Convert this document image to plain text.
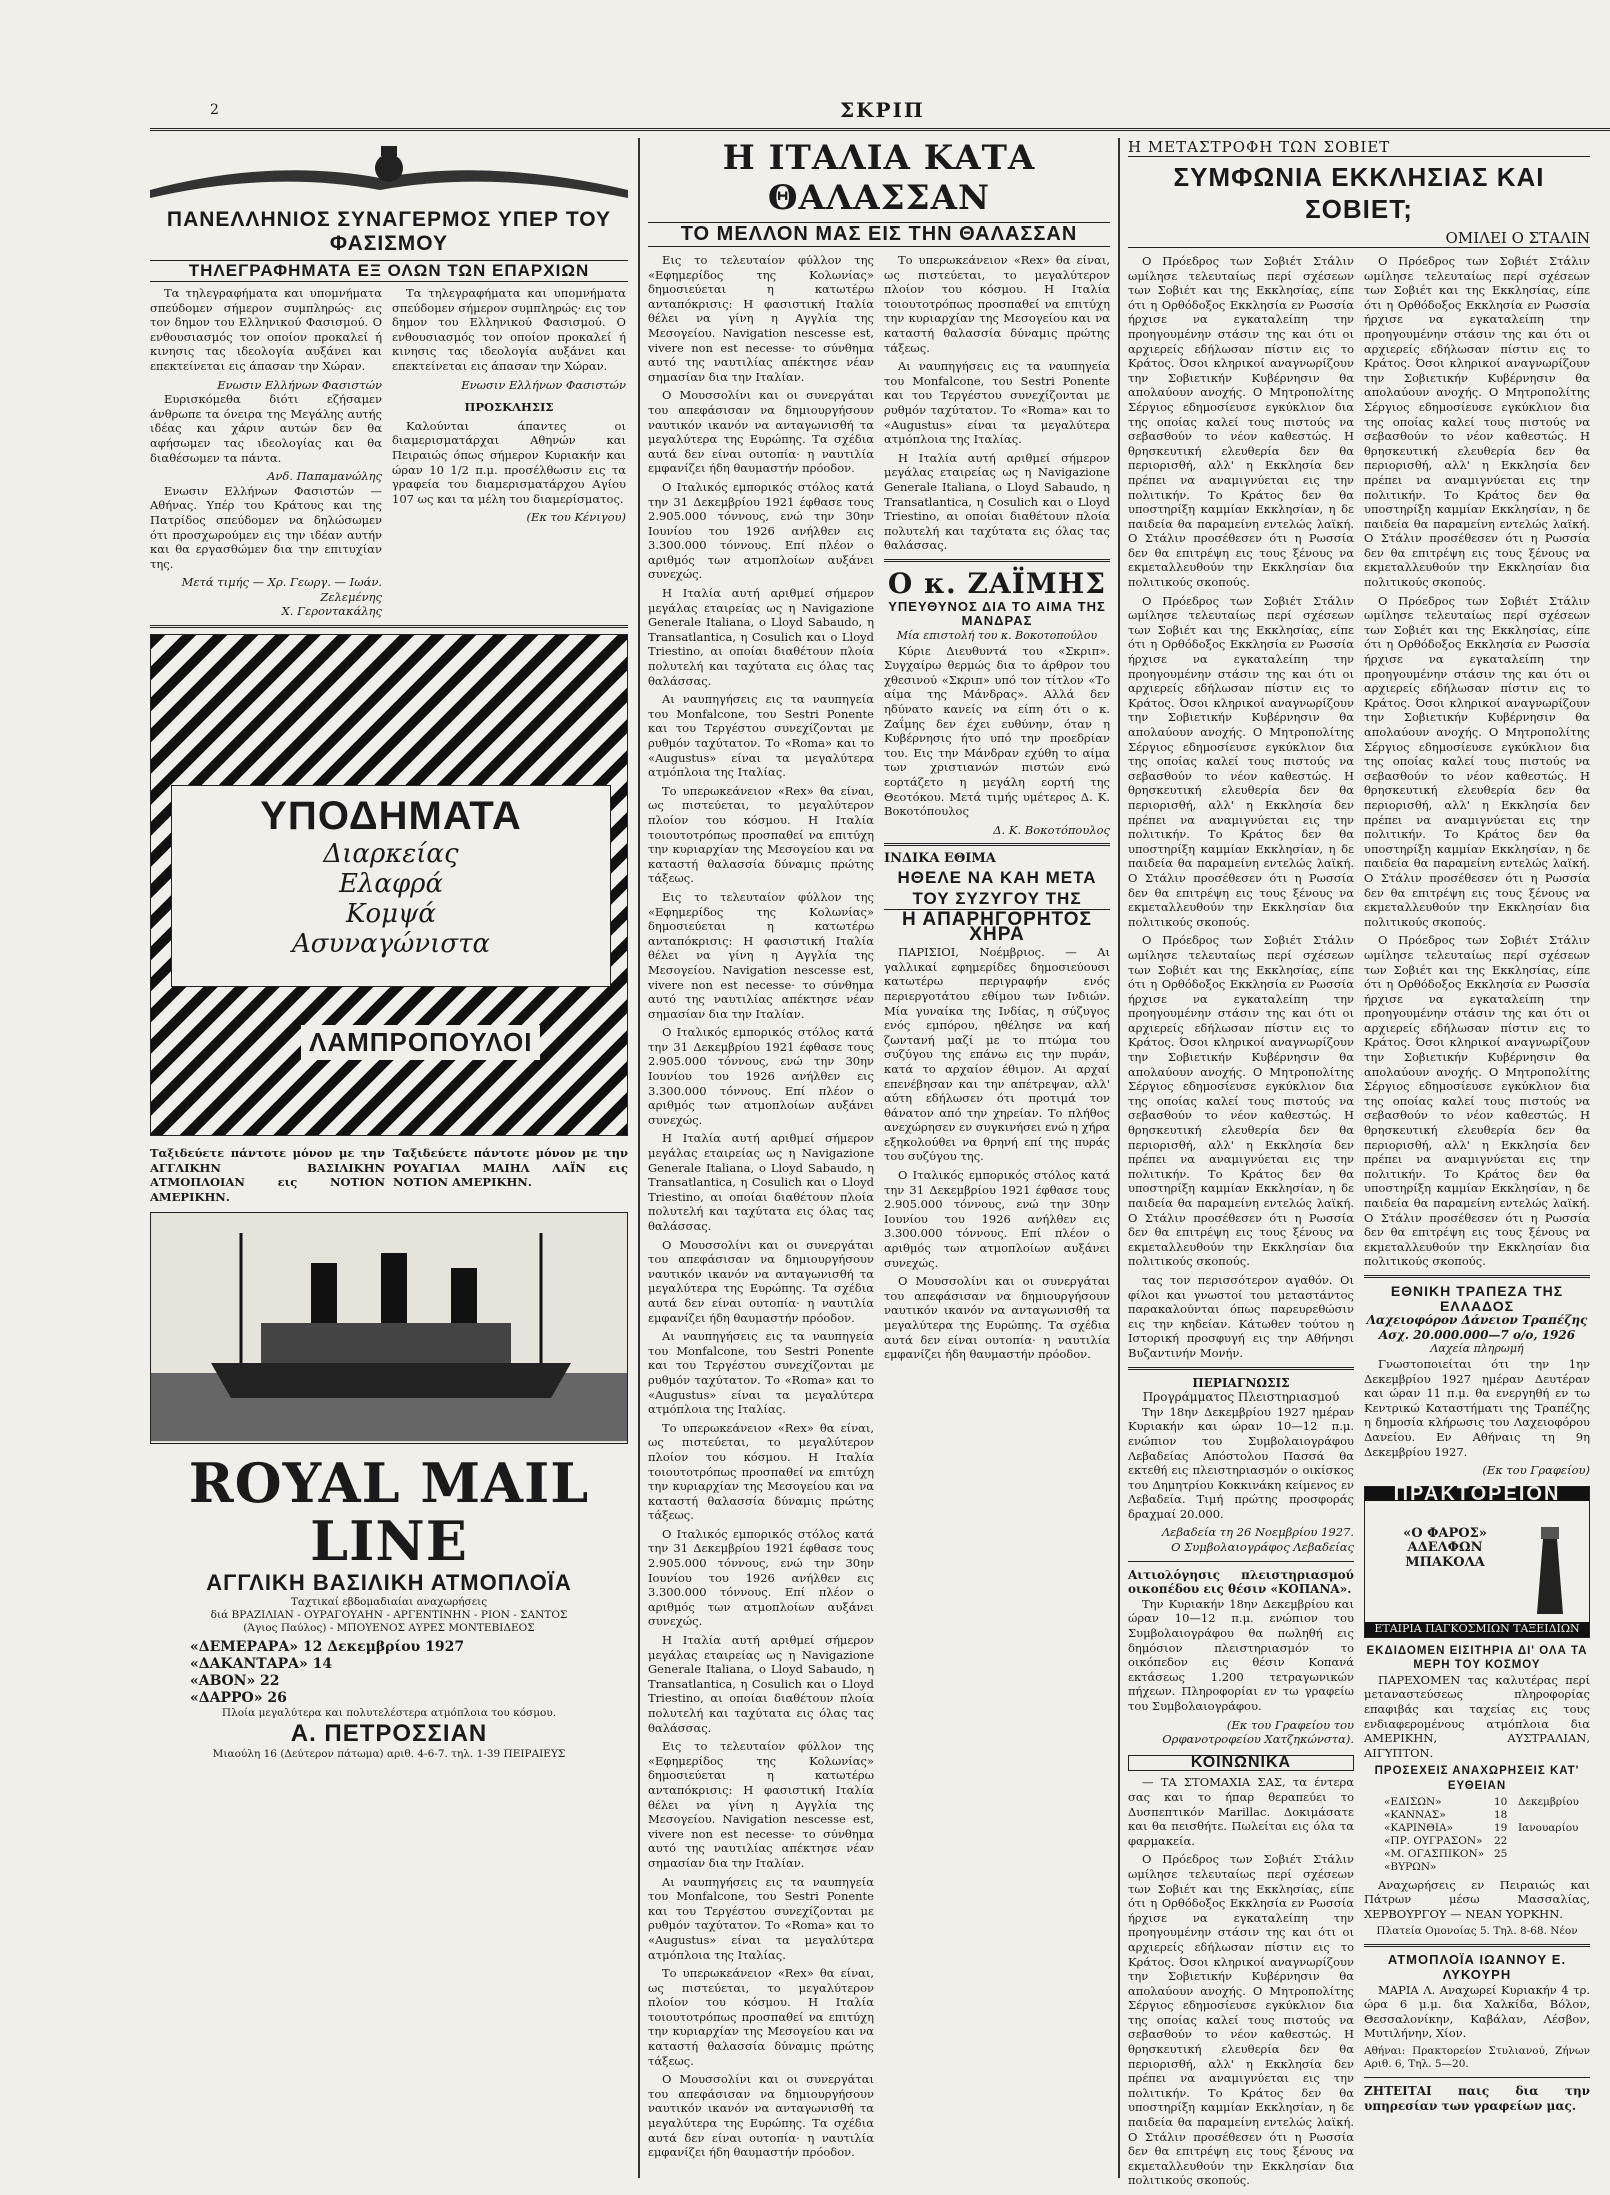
2	ΣΚΡΙΠ
ΠΑΝΕΛΛΗΝΙΟΣ ΣΥΝΑΓΕΡΜΟΣ ΥΠΕΡ ΤΟΥ ΦΑΣΙΣΜΟΥ
ΤΗΛΕΓΡΑΦΗΜΑΤΑ ΕΞ ΟΛΩΝ ΤΩΝ ΕΠΑΡΧΙΩΝ

Τα τηλεγραφήματα και υπομνήματα σπεύδομεν σήμερον συμπληρώς· εις τον δημον του Ελληνικού Φασισμού. Ο ενθουσιασμός τον οποίον προκαλεί ή κινησις τας ιδεολογία αυξάνει και επεκτείνεται εις άπασαν την Χώραν.

Ενωσιν Ελλήνων Φασιστών

Ευρισκόμεθα διότι εζήσαμεν άνθρωπε τα όνειρα της Μεγάλης αυτής ιδέας και χάριν αυτών δεν θα αφήσωμεν τας ιδεολογίας και θα διαθέσωμεν τα πάντα.

Ανδ. Παπαμανώλης

Ενωσιν Ελλήνων Φασιστών — Αθήνας. Υπέρ του Κράτους και της Πατρίδος σπεύδομεν να δηλώσωμεν ότι προσχωρούμεν εις την ιδέαν αυτήν και θα εργασθώμεν δια την επιτυχίαν της.

Μετά τιμής — Χρ. Γεωργ. — Ιωάν. Ζελεμένης
Χ. Γεροντακάλης

Τα τηλεγραφήματα και υπομνήματα σπεύδομεν σήμερον συμπληρώς· εις τον δημον του Ελληνικού Φασισμού. Ο ενθουσιασμός τον οποίον προκαλεί ή κινησις τας ιδεολογία αυξάνει και επεκτείνεται εις άπασαν την Χώραν.

Ενωσιν Ελλήνων Φασιστών
ΠΡΟΣΚΛΗΣΙΣ

Καλούνται άπαντες οι διαμερισματάρχαι Αθηνών και Πειραιώς όπως σήμερον Κυριακήν και ώραν 10 1/2 π.μ. προσέλθωσιν εις τα γραφεία του διαμερισματάρχου Αγίου 107 ως και τα μέλη του διαμερίσματος.

(Εκ του Κένιγου)
ΥΠΟΔΗΜΑΤΑ
Διαρκείας
Ελαφρά
Κομψά
Ασυναγώνιστα
ΛΑΜΠΡΟΠΟΥΛΟΙ
Ταξιδεύετε πάντοτε μόνον με την ΑΓΓΛΙΚΗΝ ΒΑΣΙΛΙΚΗΝ ΑΤΜΟΠΛΟΙΑΝ εις ΝΟΤΙΟΝ ΑΜΕΡΙΚΗΝ.
Ταξιδεύετε πάντοτε μόνον με την ΡΟΥΑΓΙΑΛ ΜΑΙΗΛ ΛΑΪΝ εις ΝΟΤΙΟΝ ΑΜΕΡΙΚΗΝ.
ROYAL MAIL LINE
ΑΓΓΛΙΚΗ ΒΑΣΙΛΙΚΗ ΑΤΜΟΠΛΟΪΑ
Ταχτικαί εβδομαδιαίαι αναχωρήσεις
διά ΒΡΑΖΙΛΙΑΝ - ΟΥΡΑΓΟΥΑΗΝ - ΑΡΓΕΝΤΙΝΗΝ - ΡΙΟΝ - ΣΑΝΤΟΣ
(Άγιος Παύλος) - ΜΠΟΥΕΝΟΣ ΑΥΡΕΣ ΜΟΝΤΕΒΙΔΕΟΣ
«ΔΕΜΕΡΑΡΑ» 12 Δεκεμβρίου 1927
«ΔΑΚΑΝΤΑΡΑ» 14
«ΑΒΟΝ» 22
«ΔΑΡΡΟ» 26
Πλοία μεγαλύτερα και πολυτελέστερα ατμόπλοια του κόσμου.
Α. ΠΕΤΡΟΣΣΙΑΝ
Μιαούλη 16 (Δεύτερον πάτωμα) αριθ. 4-6-7. τηλ. 1-39 ΠΕΙΡΑΙΕΥΣ
Η ΙΤΑΛΙΑ ΚΑΤΑ ΘΑΛΑΣΣΑΝ
ΤΟ ΜΕΛΛΟΝ ΜΑΣ ΕΙΣ ΤΗΝ ΘΑΛΑΣΣΑΝ

Εις το τελευταίον φύλλον της «Εφημερίδος της Κολωνίας» δημοσιεύεται η κατωτέρω ανταπόκρισις: Η φασιστική Ιταλία θέλει να γίνη η Αγγλία της Μεσογείου. Navigation nescesse est, vivere non est necesse· το σύνθημα αυτό της ναυτιλίας απέκτησε νέαν σημασίαν δια την Ιταλίαν.

Ο Μουσσολίνι και οι συνεργάται του απεφάσισαν να δημιουργήσουν ναυτικόν ικανόν να ανταγωνισθή τα μεγαλύτερα της Ευρώπης. Τα σχέδια αυτά δεν είναι ουτοπία· η ναυτιλία εμφανίζει ήδη θαυμαστήν πρόοδον.

Ο Ιταλικός εμπορικός στόλος κατά την 31 Δεκεμβρίου 1921 έφθασε τους 2.905.000 τόννους, ενώ την 30ην Ιουνίου του 1926 ανήλθεν εις 3.300.000 τόννους. Επί πλέον ο αριθμός των ατμοπλοίων αυξάνει συνεχώς.

Η Ιταλία αυτή αριθμεί σήμερον μεγάλας εταιρείας ως η Navigazione Generale Italiana, ο Lloyd Sabaudo, η Transatlantica, η Cosulich και ο Lloyd Triestino, αι οποίαι διαθέτουν πλοία πολυτελή και ταχύτατα εις όλας τας θαλάσσας.

Αι ναυπηγήσεις εις τα ναυπηγεία του Monfalcone, του Sestri Ponente και του Τεργέστου συνεχίζονται με ρυθμόν ταχύτατον. Το «Roma» και το «Augustus» είναι τα μεγαλύτερα ατμόπλοια της Ιταλίας.

Το υπερωκεάνειον «Rex» θα είναι, ως πιστεύεται, το μεγαλύτερον πλοίον του κόσμου. Η Ιταλία τοιουτοτρόπως προσπαθεί να επιτύχη την κυριαρχίαν της Μεσογείου και να καταστή θαλασσία δύναμις πρώτης τάξεως.

Εις το τελευταίον φύλλον της «Εφημερίδος της Κολωνίας» δημοσιεύεται η κατωτέρω ανταπόκρισις: Η φασιστική Ιταλία θέλει να γίνη η Αγγλία της Μεσογείου. Navigation nescesse est, vivere non est necesse· το σύνθημα αυτό της ναυτιλίας απέκτησε νέαν σημασίαν δια την Ιταλίαν.

Ο Ιταλικός εμπορικός στόλος κατά την 31 Δεκεμβρίου 1921 έφθασε τους 2.905.000 τόννους, ενώ την 30ην Ιουνίου του 1926 ανήλθεν εις 3.300.000 τόννους. Επί πλέον ο αριθμός των ατμοπλοίων αυξάνει συνεχώς.

Η Ιταλία αυτή αριθμεί σήμερον μεγάλας εταιρείας ως η Navigazione Generale Italiana, ο Lloyd Sabaudo, η Transatlantica, η Cosulich και ο Lloyd Triestino, αι οποίαι διαθέτουν πλοία πολυτελή και ταχύτατα εις όλας τας θαλάσσας.

Ο Μουσσολίνι και οι συνεργάται του απεφάσισαν να δημιουργήσουν ναυτικόν ικανόν να ανταγωνισθή τα μεγαλύτερα της Ευρώπης. Τα σχέδια αυτά δεν είναι ουτοπία· η ναυτιλία εμφανίζει ήδη θαυμαστήν πρόοδον.

Αι ναυπηγήσεις εις τα ναυπηγεία του Monfalcone, του Sestri Ponente και του Τεργέστου συνεχίζονται με ρυθμόν ταχύτατον. Το «Roma» και το «Augustus» είναι τα μεγαλύτερα ατμόπλοια της Ιταλίας.

Το υπερωκεάνειον «Rex» θα είναι, ως πιστεύεται, το μεγαλύτερον πλοίον του κόσμου. Η Ιταλία τοιουτοτρόπως προσπαθεί να επιτύχη την κυριαρχίαν της Μεσογείου και να καταστή θαλασσία δύναμις πρώτης τάξεως.

Ο Ιταλικός εμπορικός στόλος κατά την 31 Δεκεμβρίου 1921 έφθασε τους 2.905.000 τόννους, ενώ την 30ην Ιουνίου του 1926 ανήλθεν εις 3.300.000 τόννους. Επί πλέον ο αριθμός των ατμοπλοίων αυξάνει συνεχώς.

Η Ιταλία αυτή αριθμεί σήμερον μεγάλας εταιρείας ως η Navigazione Generale Italiana, ο Lloyd Sabaudo, η Transatlantica, η Cosulich και ο Lloyd Triestino, αι οποίαι διαθέτουν πλοία πολυτελή και ταχύτατα εις όλας τας θαλάσσας.

Εις το τελευταίον φύλλον της «Εφημερίδος της Κολωνίας» δημοσιεύεται η κατωτέρω ανταπόκρισις: Η φασιστική Ιταλία θέλει να γίνη η Αγγλία της Μεσογείου. Navigation nescesse est, vivere non est necesse· το σύνθημα αυτό της ναυτιλίας απέκτησε νέαν σημασίαν δια την Ιταλίαν.

Αι ναυπηγήσεις εις τα ναυπηγεία του Monfalcone, του Sestri Ponente και του Τεργέστου συνεχίζονται με ρυθμόν ταχύτατον. Το «Roma» και το «Augustus» είναι τα μεγαλύτερα ατμόπλοια της Ιταλίας.

Το υπερωκεάνειον «Rex» θα είναι, ως πιστεύεται, το μεγαλύτερον πλοίον του κόσμου. Η Ιταλία τοιουτοτρόπως προσπαθεί να επιτύχη την κυριαρχίαν της Μεσογείου και να καταστή θαλασσία δύναμις πρώτης τάξεως.

Ο Μουσσολίνι και οι συνεργάται του απεφάσισαν να δημιουργήσουν ναυτικόν ικανόν να ανταγωνισθή τα μεγαλύτερα της Ευρώπης. Τα σχέδια αυτά δεν είναι ουτοπία· η ναυτιλία εμφανίζει ήδη θαυμαστήν πρόοδον.

Το υπερωκεάνειον «Rex» θα είναι, ως πιστεύεται, το μεγαλύτερον πλοίον του κόσμου. Η Ιταλία τοιουτοτρόπως προσπαθεί να επιτύχη την κυριαρχίαν της Μεσογείου και να καταστή θαλασσία δύναμις πρώτης τάξεως.

Αι ναυπηγήσεις εις τα ναυπηγεία του Monfalcone, του Sestri Ponente και του Τεργέστου συνεχίζονται με ρυθμόν ταχύτατον. Το «Roma» και το «Augustus» είναι τα μεγαλύτερα ατμόπλοια της Ιταλίας.

Η Ιταλία αυτή αριθμεί σήμερον μεγάλας εταιρείας ως η Navigazione Generale Italiana, ο Lloyd Sabaudo, η Transatlantica, η Cosulich και ο Lloyd Triestino, αι οποίαι διαθέτουν πλοία πολυτελή και ταχύτατα εις όλας τας θαλάσσας.

Ο κ. ΖΑΪΜΗΣ
ΥΠΕΥΘΥΝΟΣ ΔΙΑ ΤΟ ΑΙΜΑ ΤΗΣ ΜΑΝΔΡΑΣ
Μία επιστολή του κ. Βοκοτοπούλου

Κύριε Διευθυντά του «Σκριπ». Συγχαίρω θερμώς δια το άρθρον του χθεσινού «Σκριπ» υπό τον τίτλον «Το αίμα της Μάνδρας». Αλλά δεν ηδύνατο κανείς να είπη ότι ο κ. Ζαΐμης δεν έχει ευθύνην, όταν η Κυβέρνησις ήτο υπό την προεδρίαν του. Εις την Μάνδραν εχύθη το αίμα των χριστιανών πιστών ενώ εορτάζετο η μεγάλη εορτή της Θεοτόκου. Μετά τιμής υμέτερος Δ. Κ. Βοκοτόπουλος

Δ. Κ. Βοκοτόπουλος
ΙΝΔΙΚΑ ΕΘΙΜΑ
ΗΘΕΛΕ ΝΑ ΚΑΗ ΜΕΤΑ ΤΟΥ ΣΥΖΥΓΟΥ ΤΗΣ
Η ΑΠΑΡΗΓΟΡΗΤΟΣ ΧΗΡΑ

ΠΑΡΙΣΙΟΙ, Νοέμβριος. — Αι γαλλικαί εφημερίδες δημοσιεύουσι κατωτέρω περιγραφήν ενός περιεργοτάτου εθίμου των Ινδιών. Μία γυναίκα της Ινδίας, η σύζυγος ενός εμπόρου, ηθέλησε να καή ζωντανή μαζί με το πτώμα του συζύγου της επάνω εις την πυράν, κατά το αρχαίον έθιμον. Αι αρχαί επενέβησαν και την απέτρεψαν, αλλ' αύτη εδήλωσεν ότι προτιμά τον θάνατον από την χηρείαν. Το πλήθος ανεχώρησεν εν συγκινήσει ενώ η χήρα εξηκολούθει να θρηνή επί της πυράς του συζύγου της.

Ο Ιταλικός εμπορικός στόλος κατά την 31 Δεκεμβρίου 1921 έφθασε τους 2.905.000 τόννους, ενώ την 30ην Ιουνίου του 1926 ανήλθεν εις 3.300.000 τόννους. Επί πλέον ο αριθμός των ατμοπλοίων αυξάνει συνεχώς.

Ο Μουσσολίνι και οι συνεργάται του απεφάσισαν να δημιουργήσουν ναυτικόν ικανόν να ανταγωνισθή τα μεγαλύτερα της Ευρώπης. Τα σχέδια αυτά δεν είναι ουτοπία· η ναυτιλία εμφανίζει ήδη θαυμαστήν πρόοδον.

Η ΜΕΤΑΣΤΡΟΦΗ ΤΩΝ ΣΟΒΙΕΤ
ΣΥΜΦΩΝΙΑ ΕΚΚΛΗΣΙΑΣ ΚΑΙ ΣΟΒΙΕΤ;
ΟΜΙΛΕΙ Ο ΣΤΑΛΙΝ

Ο Πρόεδρος των Σοβιέτ Στάλιν ωμίλησε τελευταίως περί σχέσεων των Σοβιέτ και της Εκκλησίας, είπε ότι η Ορθόδοξος Εκκλησία εν Ρωσσία ήρχισε να εγκαταλείπη την προηγουμένην στάσιν της και ότι οι αρχιερείς εδήλωσαν πίστιν εις το Κράτος. Όσοι κληρικοί αναγνωρίζουν την Σοβιετικήν Κυβέρνησιν θα απολαύουν ανοχής. Ο Μητροπολίτης Σέργιος εδημοσίευσε εγκύκλιον δια της οποίας καλεί τους πιστούς να σεβασθούν το νέον καθεστώς. Η θρησκευτική ελευθερία δεν θα περιορισθή, αλλ' η Εκκλησία δεν πρέπει να αναμιγνύεται εις την πολιτικήν. Το Κράτος δεν θα υποστηρίξη καμμίαν Εκκλησίαν, η δε παιδεία θα παραμείνη εντελώς λαϊκή. Ο Στάλιν προσέθεσεν ότι η Ρωσσία δεν θα επιτρέψη εις τους ξένους να εκμεταλλευθούν την Εκκλησίαν δια πολιτικούς σκοπούς.

Ο Πρόεδρος των Σοβιέτ Στάλιν ωμίλησε τελευταίως περί σχέσεων των Σοβιέτ και της Εκκλησίας, είπε ότι η Ορθόδοξος Εκκλησία εν Ρωσσία ήρχισε να εγκαταλείπη την προηγουμένην στάσιν της και ότι οι αρχιερείς εδήλωσαν πίστιν εις το Κράτος. Όσοι κληρικοί αναγνωρίζουν την Σοβιετικήν Κυβέρνησιν θα απολαύουν ανοχής. Ο Μητροπολίτης Σέργιος εδημοσίευσε εγκύκλιον δια της οποίας καλεί τους πιστούς να σεβασθούν το νέον καθεστώς. Η θρησκευτική ελευθερία δεν θα περιορισθή, αλλ' η Εκκλησία δεν πρέπει να αναμιγνύεται εις την πολιτικήν. Το Κράτος δεν θα υποστηρίξη καμμίαν Εκκλησίαν, η δε παιδεία θα παραμείνη εντελώς λαϊκή. Ο Στάλιν προσέθεσεν ότι η Ρωσσία δεν θα επιτρέψη εις τους ξένους να εκμεταλλευθούν την Εκκλησίαν δια πολιτικούς σκοπούς.

Ο Πρόεδρος των Σοβιέτ Στάλιν ωμίλησε τελευταίως περί σχέσεων των Σοβιέτ και της Εκκλησίας, είπε ότι η Ορθόδοξος Εκκλησία εν Ρωσσία ήρχισε να εγκαταλείπη την προηγουμένην στάσιν της και ότι οι αρχιερείς εδήλωσαν πίστιν εις το Κράτος. Όσοι κληρικοί αναγνωρίζουν την Σοβιετικήν Κυβέρνησιν θα απολαύουν ανοχής. Ο Μητροπολίτης Σέργιος εδημοσίευσε εγκύκλιον δια της οποίας καλεί τους πιστούς να σεβασθούν το νέον καθεστώς. Η θρησκευτική ελευθερία δεν θα περιορισθή, αλλ' η Εκκλησία δεν πρέπει να αναμιγνύεται εις την πολιτικήν. Το Κράτος δεν θα υποστηρίξη καμμίαν Εκκλησίαν, η δε παιδεία θα παραμείνη εντελώς λαϊκή. Ο Στάλιν προσέθεσεν ότι η Ρωσσία δεν θα επιτρέψη εις τους ξένους να εκμεταλλευθούν την Εκκλησίαν δια πολιτικούς σκοπούς.

τας τον περισσότερον αγαθόν. Οι φίλοι και γνωστοί του μεταστάντος παρακαλούνται όπως παρευρεθώσιν εις την κηδείαν. Κάτωθεν τούτου η Ιστορική προσφυγή εις την Αθήνησι Βυζαντινήν Μονήν.

ΠΕΡΙΑΓΝΩΣΙΣ
Προγράμματος Πλειστηριασμού

Την 18ην Δεκεμβρίου 1927 ημέραν Κυριακήν και ώραν 10—12 π.μ. ενώπιον του Συμβολαιογράφου Λεβαδείας Απόστολου Πασσά θα εκτεθή εις πλειστηριασμόν ο οικίσκος του Δημητρίου Κοκκινάκη κείμενος εν Λεβαδεία. Τιμή πρώτης προσφοράς δραχμαί 20.000.

Λεβαδεία τη 26 Νοεμβρίου 1927.
Ο Συμβολαιογράφος Λεβαδείας
Αιτιολόγησις πλειστηριασμού οικοπέδου εις θέσιν «ΚΟΠΑΝΑ».

Την Κυριακήν 18ην Δεκεμβρίου και ώραν 10—12 π.μ. ενώπιον του Συμβολαιογράφου θα πωληθή εις δημόσιον πλειστηριασμόν το οικόπεδον εις θέσιν Κοπανά εκτάσεως 1.200 τετραγωνικών πήχεων. Πληροφορίαι εν τω γραφείω του Συμβολαιογράφου.

(Εκ του Γραφείου του Ορφανοτροφείου Χατζηκώνστα).
ΚΟΙΝΩΝΙΚΑ

— ΤΑ ΣΤΟΜΑΧΙΑ ΣΑΣ, τα έντερα σας και το ήπαρ θεραπεύει το Δυσπεπτικόν Marillac. Δοκιμάσατε και θα πεισθήτε. Πωλείται εις όλα τα φαρμακεία.

Ο Πρόεδρος των Σοβιέτ Στάλιν ωμίλησε τελευταίως περί σχέσεων των Σοβιέτ και της Εκκλησίας, είπε ότι η Ορθόδοξος Εκκλησία εν Ρωσσία ήρχισε να εγκαταλείπη την προηγουμένην στάσιν της και ότι οι αρχιερείς εδήλωσαν πίστιν εις το Κράτος. Όσοι κληρικοί αναγνωρίζουν την Σοβιετικήν Κυβέρνησιν θα απολαύουν ανοχής. Ο Μητροπολίτης Σέργιος εδημοσίευσε εγκύκλιον δια της οποίας καλεί τους πιστούς να σεβασθούν το νέον καθεστώς. Η θρησκευτική ελευθερία δεν θα περιορισθή, αλλ' η Εκκλησία δεν πρέπει να αναμιγνύεται εις την πολιτικήν. Το Κράτος δεν θα υποστηρίξη καμμίαν Εκκλησίαν, η δε παιδεία θα παραμείνη εντελώς λαϊκή. Ο Στάλιν προσέθεσεν ότι η Ρωσσία δεν θα επιτρέψη εις τους ξένους να εκμεταλλευθούν την Εκκλησίαν δια πολιτικούς σκοπούς.

Ο Πρόεδρος των Σοβιέτ Στάλιν ωμίλησε τελευταίως περί σχέσεων των Σοβιέτ και της Εκκλησίας, είπε ότι η Ορθόδοξος Εκκλησία εν Ρωσσία ήρχισε να εγκαταλείπη την προηγουμένην στάσιν της και ότι οι αρχιερείς εδήλωσαν πίστιν εις το Κράτος. Όσοι κληρικοί αναγνωρίζουν την Σοβιετικήν Κυβέρνησιν θα απολαύουν ανοχής. Ο Μητροπολίτης Σέργιος εδημοσίευσε εγκύκλιον δια της οποίας καλεί τους πιστούς να σεβασθούν το νέον καθεστώς. Η θρησκευτική ελευθερία δεν θα περιορισθή, αλλ' η Εκκλησία δεν πρέπει να αναμιγνύεται εις την πολιτικήν. Το Κράτος δεν θα υποστηρίξη καμμίαν Εκκλησίαν, η δε παιδεία θα παραμείνη εντελώς λαϊκή. Ο Στάλιν προσέθεσεν ότι η Ρωσσία δεν θα επιτρέψη εις τους ξένους να εκμεταλλευθούν την Εκκλησίαν δια πολιτικούς σκοπούς.

Ο Πρόεδρος των Σοβιέτ Στάλιν ωμίλησε τελευταίως περί σχέσεων των Σοβιέτ και της Εκκλησίας, είπε ότι η Ορθόδοξος Εκκλησία εν Ρωσσία ήρχισε να εγκαταλείπη την προηγουμένην στάσιν της και ότι οι αρχιερείς εδήλωσαν πίστιν εις το Κράτος. Όσοι κληρικοί αναγνωρίζουν την Σοβιετικήν Κυβέρνησιν θα απολαύουν ανοχής. Ο Μητροπολίτης Σέργιος εδημοσίευσε εγκύκλιον δια της οποίας καλεί τους πιστούς να σεβασθούν το νέον καθεστώς. Η θρησκευτική ελευθερία δεν θα περιορισθή, αλλ' η Εκκλησία δεν πρέπει να αναμιγνύεται εις την πολιτικήν. Το Κράτος δεν θα υποστηρίξη καμμίαν Εκκλησίαν, η δε παιδεία θα παραμείνη εντελώς λαϊκή. Ο Στάλιν προσέθεσεν ότι η Ρωσσία δεν θα επιτρέψη εις τους ξένους να εκμεταλλευθούν την Εκκλησίαν δια πολιτικούς σκοπούς.

Ο Πρόεδρος των Σοβιέτ Στάλιν ωμίλησε τελευταίως περί σχέσεων των Σοβιέτ και της Εκκλησίας, είπε ότι η Ορθόδοξος Εκκλησία εν Ρωσσία ήρχισε να εγκαταλείπη την προηγουμένην στάσιν της και ότι οι αρχιερείς εδήλωσαν πίστιν εις το Κράτος. Όσοι κληρικοί αναγνωρίζουν την Σοβιετικήν Κυβέρνησιν θα απολαύουν ανοχής. Ο Μητροπολίτης Σέργιος εδημοσίευσε εγκύκλιον δια της οποίας καλεί τους πιστούς να σεβασθούν το νέον καθεστώς. Η θρησκευτική ελευθερία δεν θα περιορισθή, αλλ' η Εκκλησία δεν πρέπει να αναμιγνύεται εις την πολιτικήν. Το Κράτος δεν θα υποστηρίξη καμμίαν Εκκλησίαν, η δε παιδεία θα παραμείνη εντελώς λαϊκή. Ο Στάλιν προσέθεσεν ότι η Ρωσσία δεν θα επιτρέψη εις τους ξένους να εκμεταλλευθούν την Εκκλησίαν δια πολιτικούς σκοπούς.

ΕΘΝΙΚΗ ΤΡΑΠΕΖΑ ΤΗΣ ΕΛΛΑΔΟΣ
Λαχειοφόρον Δάνειον Τραπέζης Ασχ. 20.000.000—7 ο/ο, 1926
Λαχεία πληρωμή

Γνωστοποιείται ότι την 1ην Δεκεμβρίου 1927 ημέραν Δευτέραν και ώραν 11 π.μ. θα ενεργηθή εν τω Κεντρικώ Καταστήματι της Τραπέζης η δημοσία κλήρωσις του Λαχειοφόρου Δανείου. Εν Αθήναις τη 9η Δεκεμβρίου 1927.

(Εκ του Γραφείου)
ΠΡΑΚΤΟΡΕΙΟΝ
«Ο ΦΑΡΟΣ» ΑΔΕΛΦΩΝ ΜΠΑΚΟΛΑ
ΕΤΑΙΡΙΑ ΠΑΓΚΟΣΜΙΩΝ ΤΑΞΕΙΔΙΩΝ
ΕΚΔΙΔΟΜΕΝ ΕΙΣΙΤΗΡΙΑ ΔΙ' ΟΛΑ ΤΑ ΜΕΡΗ ΤΟΥ ΚΟΣΜΟΥ

ΠΑΡΕΧΟΜΕΝ τας καλυτέρας περί μεταναστεύσεως πληροφορίας επαφιβάς και ταχείας εις τους ενδιαφερομένους ατμόπλοια δια ΑΜΕΡΙΚΗΝ, ΑΥΣΤΡΑΛΙΑΝ, ΑΙΓΥΠΤΟΝ.

ΠΡΟΣΕΧΕΙΣ ΑΝΑΧΩΡΗΣΕΙΣ ΚΑΤ' ΕΥΘΕΙΑΝ
«ΕΔΙΣΩΝ»	10	Δεκεμβρίου
«ΚΑΝΝΑΣ»	18
«ΚΑΡΙΝΘΙΑ»	19	Ιανουαρίου
«ΠΡ. ΟΥΓΡΑΣΟΝ»	22
«Μ. ΟΓΑΣΠΙΚΟΝ» 25
«ΒΥΡΩΝ»

Αναχωρήσεις εν Πειραιώς και Πάτρων μέσω Μασσαλίας, ΧΕΡΒΟΥΡΓΟΥ — ΝΕΑΝ ΥΟΡΚΗΝ.

Πλατεία Ομονοίας 5. Τηλ. 8-68. Νέον
ΑΤΜΟΠΛΟΪΑ ΙΩΑΝΝΟΥ Ε. ΛΥΚΟΥΡΗ

ΜΑΡΙΑ Λ. Αναχωρεί Κυριακήν 4 τρ. ώρα 6 μ.μ. δια Χαλκίδα, Βόλον, Θεσσαλονίκην, Καβάλαν, Λέσβον, Μυτιλήνην, Χίον.

Αθήναι: Πρακτορείον Στυλιανού, Ζήνων Αριθ. 6, Τηλ. 5—20.
ΖΗΤΕΙΤΑΙ παις δια την υπηρεσίαν των γραφείων μας.
